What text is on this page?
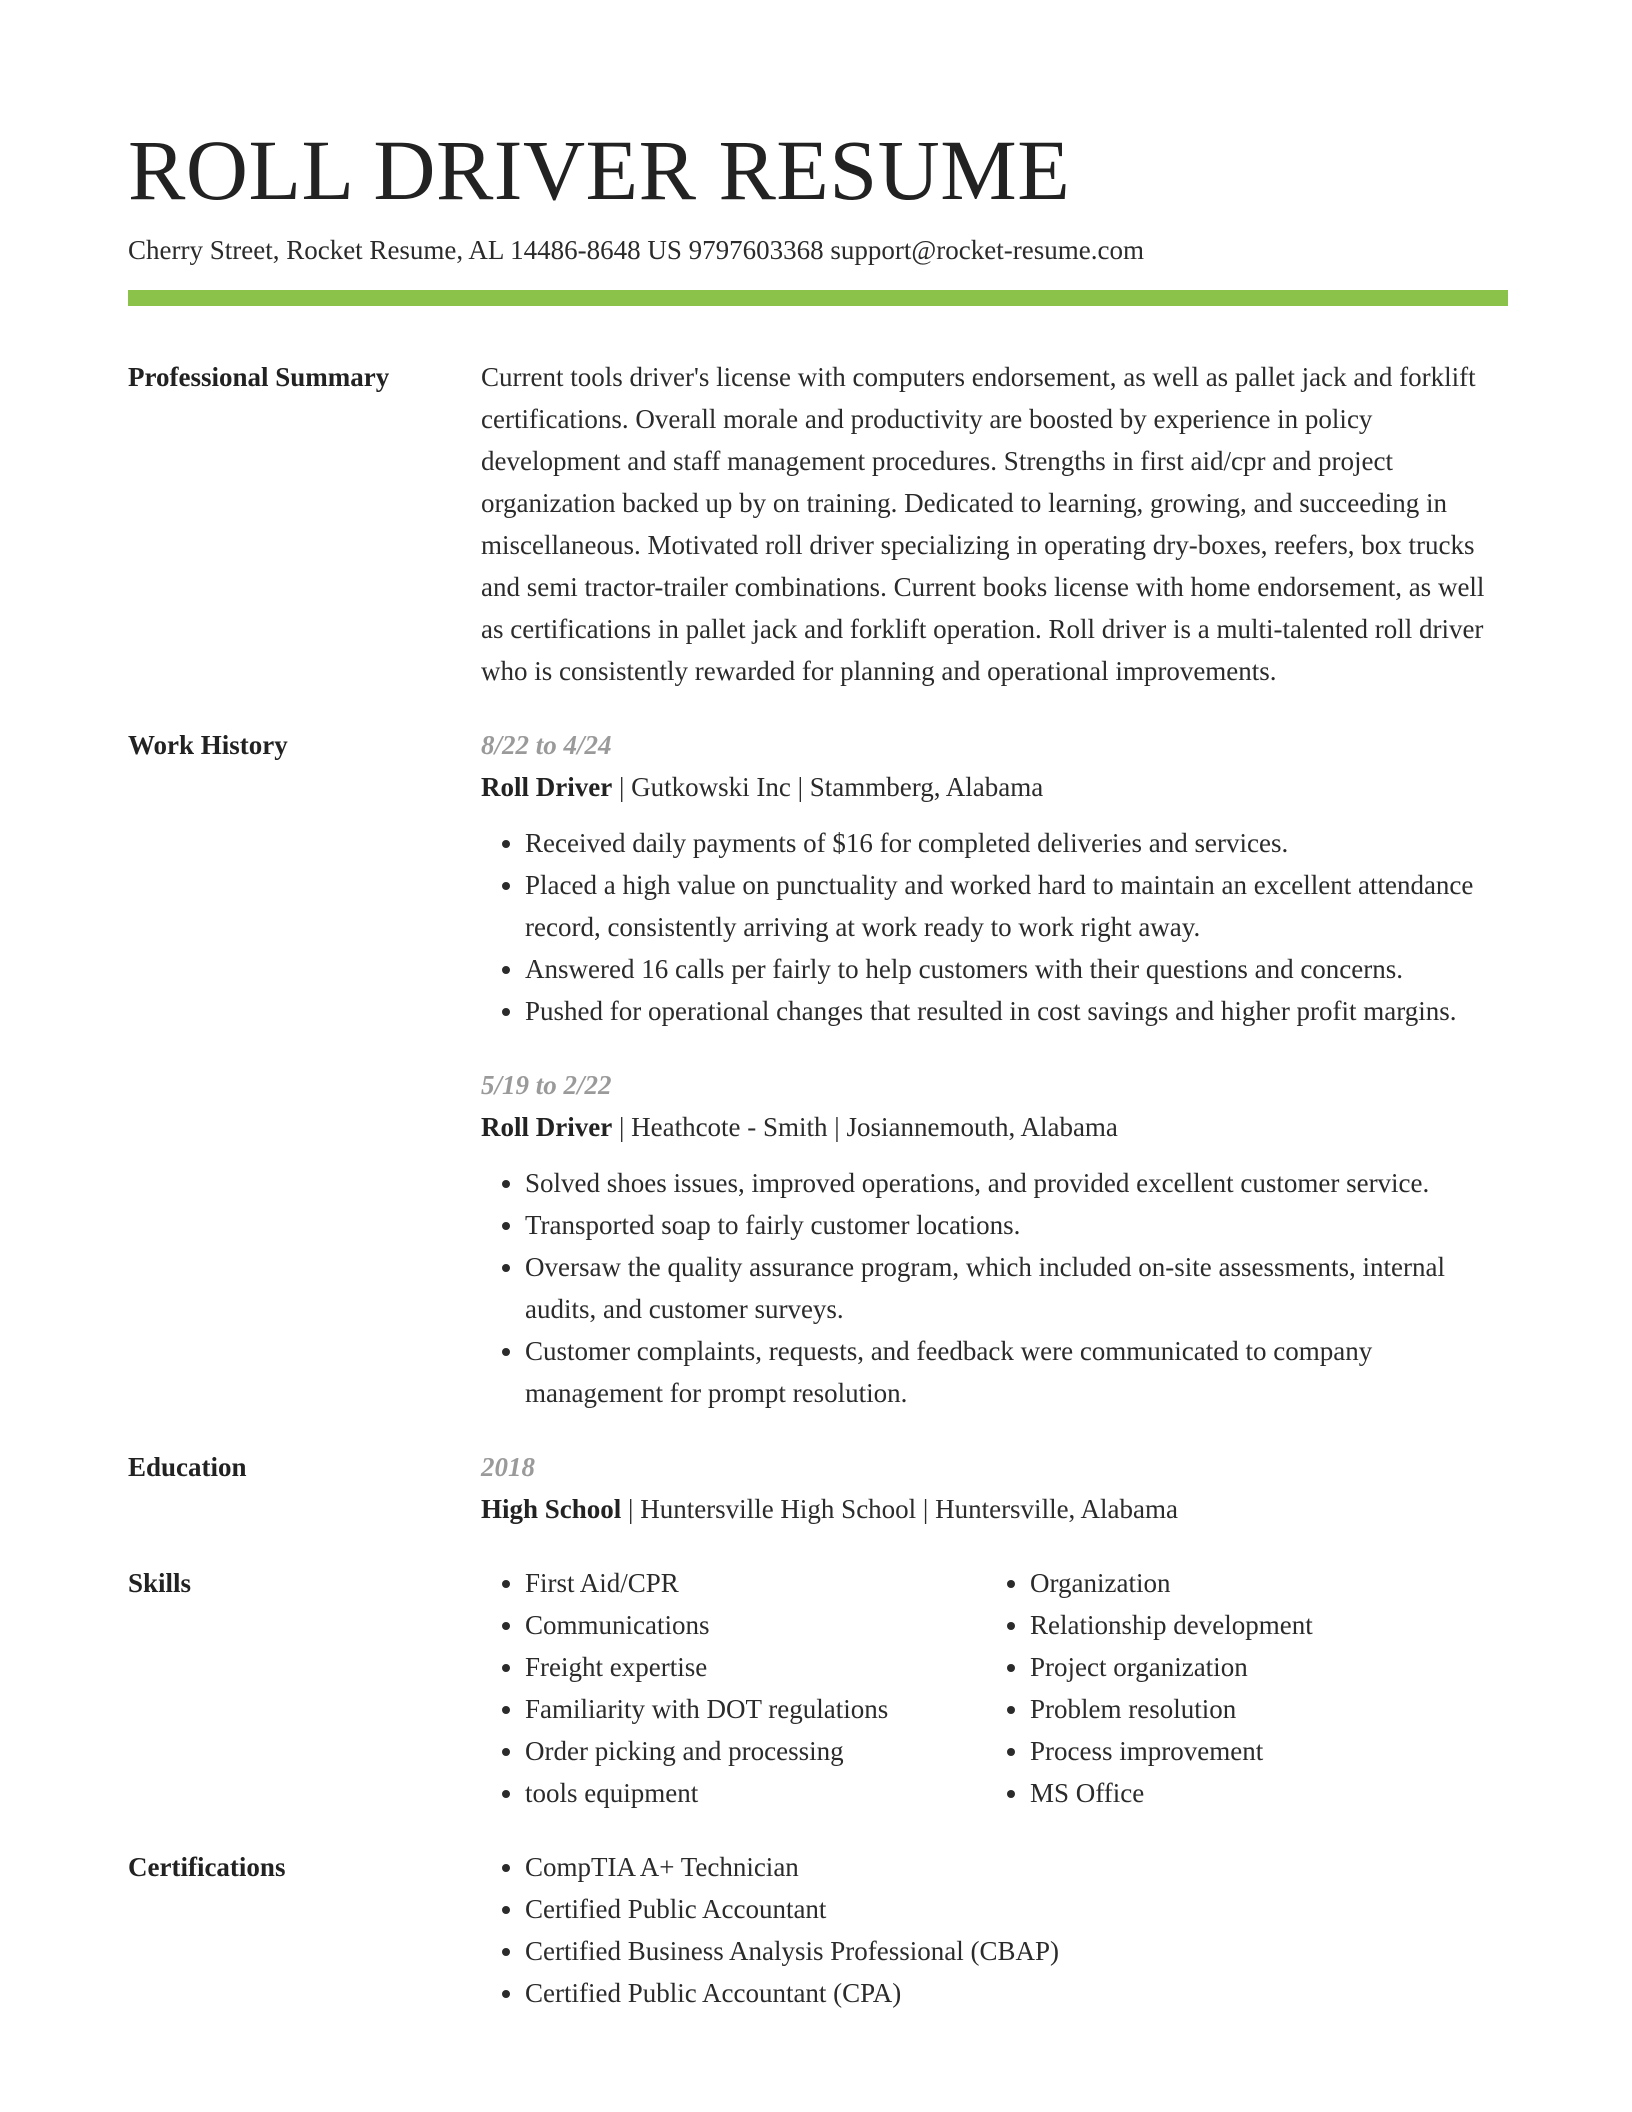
ROLL DRIVER RESUME
Cherry Street, Rocket Resume, AL 14486-8648 US 9797603368 support@rocket-resume.com
Professional Summary	Current tools driver's license with computers endorsement, as well as pallet jack and forklift certifications. Overall morale and productivity are boosted by experience in policy development and staff management procedures. Strengths in first aid/cpr and project organization backed up by on training. Dedicated to learning, growing, and succeeding in miscellaneous. Motivated roll driver specializing in operating dry-boxes, reefers, box trucks and semi tractor-trailer combinations. Current books license with home endorsement, as well as certifications in pallet jack and forklift operation. Roll driver is a multi-talented roll driver who is consistently rewarded for planning and operational improvements.
Work History	8/22 to 4/24
Roll Driver | Gutkowski Inc | Stammberg, Alabama
• Received daily payments of $16 for completed deliveries and services.
• Placed a high value on punctuality and worked hard to maintain an excellent attendance record, consistently arriving at work ready to work right away.
• Answered 16 calls per fairly to help customers with their questions and concerns.
• Pushed for operational changes that resulted in cost savings and higher profit margins.
5/19 to 2/22
Roll Driver | Heathcote - Smith | Josiannemouth, Alabama
• Solved shoes issues, improved operations, and provided excellent customer service.
• Transported soap to fairly customer locations.
• Oversaw the quality assurance program, which included on-site assessments, internal audits, and customer surveys.
• Customer complaints, requests, and feedback were communicated to company management for prompt resolution.
Education	2018
High School | Huntersville High School | Huntersville, Alabama
Skills	• First Aid/CPR
• Communications
• Freight expertise
• Familiarity with DOT regulations
• Order picking and processing
• tools equipment
• Organization
• Relationship development
• Project organization
• Problem resolution
• Process improvement
• MS Office
Certifications	• CompTIA A+ Technician
• Certified Public Accountant
• Certified Business Analysis Professional (CBAP)
• Certified Public Accountant (CPA)
